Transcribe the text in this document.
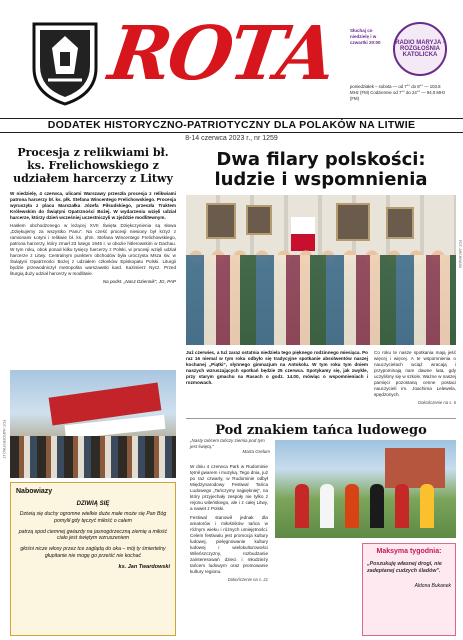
ROTA	Słuchaj co niedzielę i w czwartki 20:00	RADIO MARYJA · ROZGŁOŚNIA KATOLICKA
poniedziałek – sobota — od 7°° do 8°° — 103.8 MHz (FM) Codziennie od 7°° do 24°° — 94.0 MHz (FM)
DODATEK HISTORYCZNO-PATRIOTYCZNY DLA POLAKÓW NA LITWIE
8-14 czerwca 2023 r., nr 1259
Procesja z relikwiami bł. ks. Frelichowskiego z udziałem harcerzy z Litwy
W niedzielę, 4 czerwca, ulicami Warszawy przeszła procesja z relikwiami patrona harcerzy bł. ks. płk. Stefana Wincentego Frelichowskiego. Procesja wyruszyła z placu Marszałka Józefa Piłsudskiego, przeszła Traktem Królewskim do Świątyni Opatrzności Bożej. W wydarzeniu wzięli udział harcerze, którzy dzień wcześniej uczestniczyli w zjeździe modlitewnym.
Hasłem obchodzonego w leżącej XVII Święta Dziękczynienia są słowa „Dziękujemy za wszystko Panu”. Na cześć procesji niesiony był krzyż z ramionami Łotyni i relikwie bł. ks. phm. Stefana Wincentego Frelichowskiego, patrona harcerzy, który zmarł 23 lutego 1945 r. w obozie hitlerowskim w Dachau. W tym roku, obok ponad kilku tysięcy harcerzy z Polski, w procesji wzięli udział harcerze z Litwy. Centralnym punktem obchodów była uroczysta Msza św. w Świątyni Opatrzności Bożej z udziałem członków Episkopatu Polski. Liturgii będzie przewodniczył metropolita warszawski kard. Kazimierz Nycz. Przed liturgią duży udział harcerzy w modlitwie.
Na podst. „Nasz Dziennik”, JG, PAP
FOT. HARCERSTWO.LT
Nabowiazy
DZIWIĄ SIĘ
Dziwią się duchy ogromne wielkie duże małe może się Pan Bóg pomylił gdy tęczyć miłość o całem
patrzą spod ciemnej gwiazdy na jasnogórzeczną ziemię a miłość ciało jest świętym wzruszeniem
głośni nicze włosy przez tce zaglądą do oka – mój ty śmiertelny głupitanie nie mogę go przeiść nie kochać
ks. Jan Twardowski
Dwa filary polskości: ludzie i wspomnienia
FOT. ARCHIWUM
Już czerwiec, a tuż zaraz ostatnia niedziela tego pięknego rodzinnego miesiąca. Po raz 16 niemal w tym roku odbyło się tradycyjne spotkanie absolwentów naszej kochanej „Piątki”, słynnego gimnazjum na Antokolu. W tym roku tym dniem naszych wzruszających spotkań będzie 25 czerwca. Spotykamy się, jak zwykle, przy starym gmachu na Rasach o godz. 14.00, mówiąc o wspomnieniach i rozmowach.
Co roku te nasze spotkania mają jeść więcej i więcej. A te wspomnienia o nauczycielach wciąż wracają i przypominają nam dawne lata, gdy uczyliśmy się w szkole. Ważne w naszej pamięci pozostaną cenne postaci nauczycieli im. Joachima Lelewela, spędzonych.
Dokończenie na s. 6
Pod znakiem tańca ludowego
„Nasty tańcem tańczy ziemia pod tym jest świętą.”
Marta Grelum
W dniu 4 czerwca Park w Rudominie tętnił gwarem i muzyką. Tego dnia, już po raz czwarty, w Rudominie odbył Międzynarodowy Festiwal Tańca Ludowego „Tańczymy najpiękniej”, na który przyjechały zespoły nie tylko z rejonu wileńskiego, ale i z całej Litwy, a nawet z Polski.
Festiwal stanowił jednak dla amatorów i miłośników tańca w różnym wieku i różnych umiejętności. Celem festiwalu jest promocja kultury ludowej, pielęgnowanie kultury ludowej i wielokulturowości Wileńszczyzny, rozbudzanie zainteresowań dzieci i młodzieży tańcem ludowym oraz promowanie kultury regionu.
Dokończenie na s. 21
Maksyma tygodnia:
„Poszukuję własnej drogi, nie zadeptanej cudzych śladów”.
Aldona Bukanek
